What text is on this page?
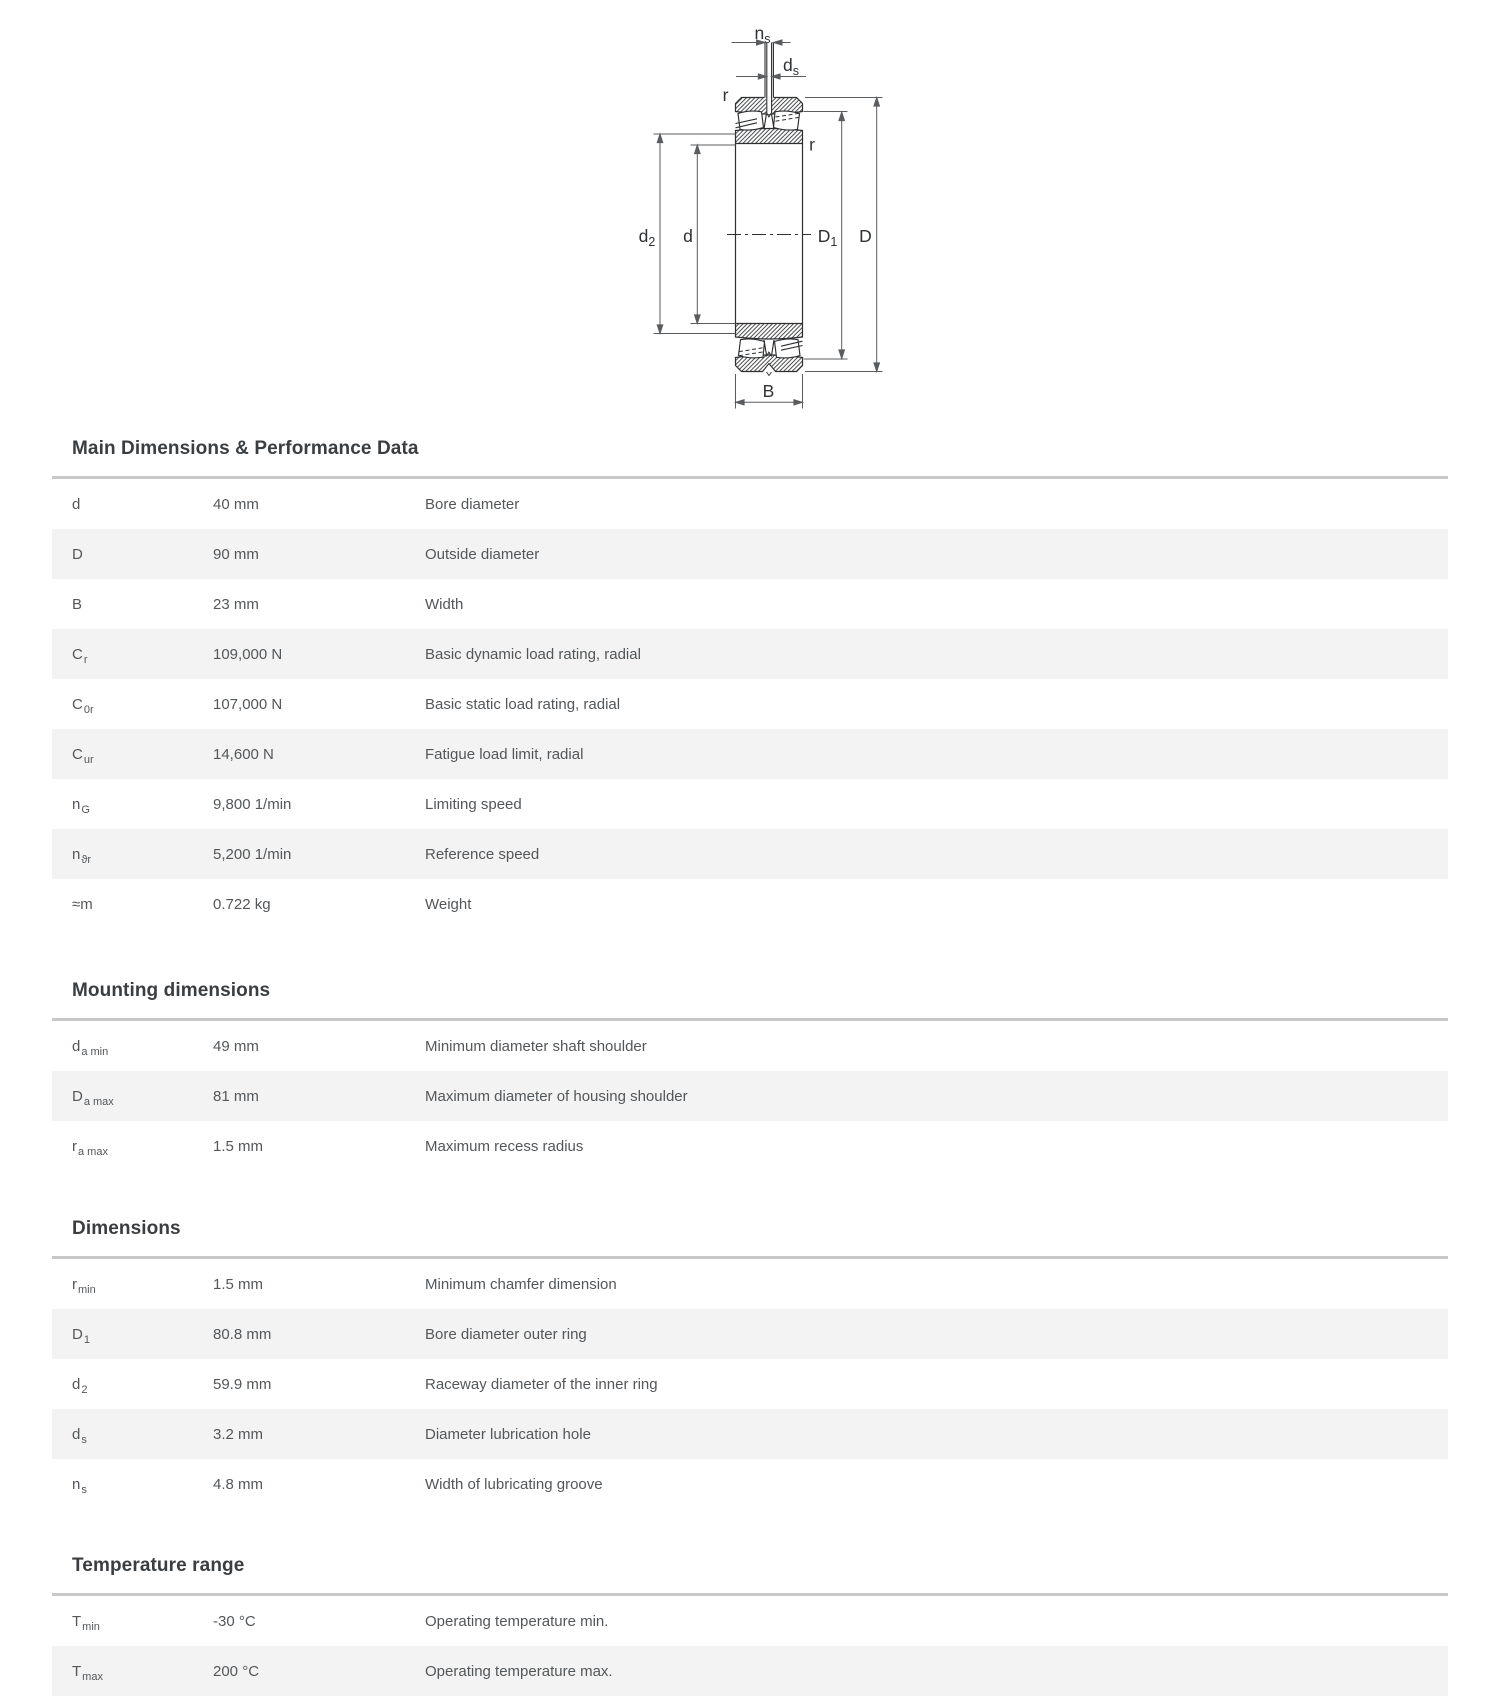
$n_s$
$d_s$
r
r
$d_2$ d	$D_1$ D
B
Main Dimensions & Performance Data
d	40 mm	Bore diameter
D	90 mm	Outside diameter
B	23 mm	Width
$C_r$	109,000 N	Basic dynamic load rating, radial
$C_{0r}$	107,000 N	Basic static load rating, radial
$C_{ur}$	14,600 N	Fatigue load limit, radial
$n_G$	9,800 1/min	Limiting speed
$n_{ϑr}$	5,200 1/min	Reference speed
≈m	0.722 kg	Weight
Mounting dimensions
$d_{a min}$	49 mm	Minimum diameter shaft shoulder
$D_{a max}$	81 mm	Maximum diameter of housing shoulder
$r_{a max}$	1.5 mm	Maximum recess radius
Dimensions
$r_{min}$	1.5 mm	Minimum chamfer dimension
$D_1$	80.8 mm	Bore diameter outer ring
$d_2$	59.9 mm	Raceway diameter of the inner ring
$d_s$	3.2 mm	Diameter lubrication hole
$n_s$	4.8 mm	Width of lubricating groove
Temperature range
$T_{min}$	-30 °C	Operating temperature min.
$T_{max}$	200 °C	Operating temperature max.
